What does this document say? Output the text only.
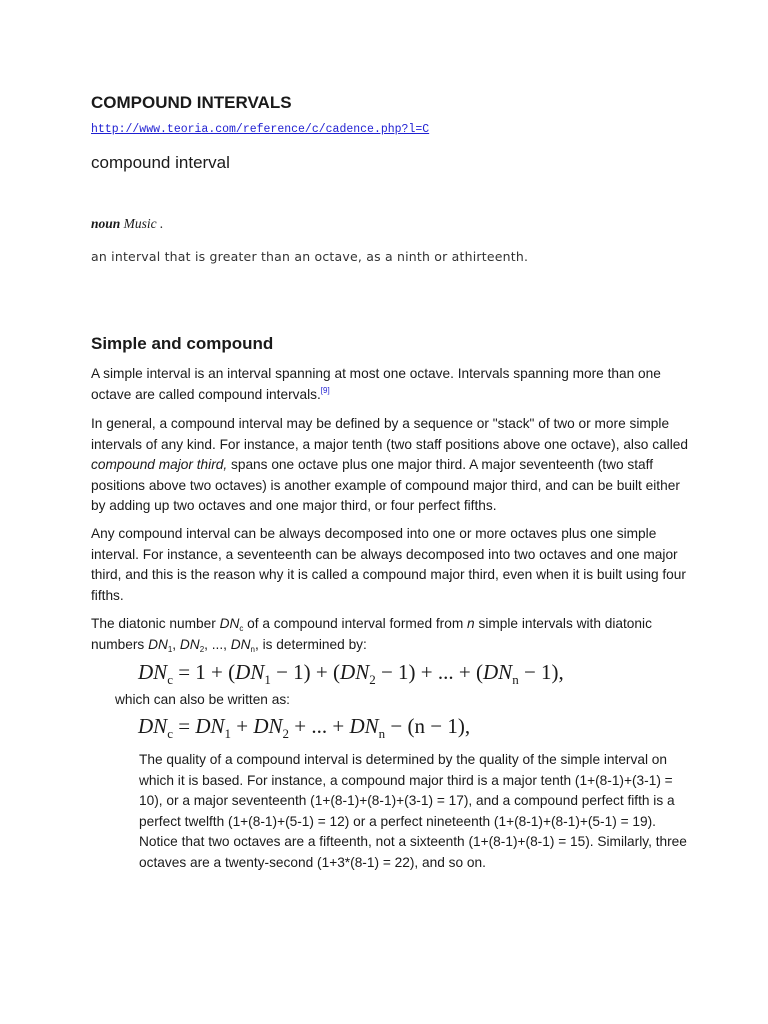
COMPOUND INTERVALS
http://www.teoria.com/reference/c/cadence.php?l=C
compound interval
noun Music .
an interval that is greater than an octave, as a ninth or athirteenth.
Simple and compound

A simple interval is an interval spanning at most one octave. Intervals spanning more than one octave are called compound intervals.[9]

In general, a compound interval may be defined by a sequence or "stack" of two or more simple intervals of any kind. For instance, a major tenth (two staff positions above one octave), also called compound major third, spans one octave plus one major third. A major seventeenth (two staff positions above two octaves) is another example of compound major third, and can be built either by adding up two octaves and one major third, or four perfect fifths.

Any compound interval can be always decomposed into one or more octaves plus one simple interval. For instance, a seventeenth can be always decomposed into two octaves and one major third, and this is the reason why it is called a compound major third, even when it is built using four fifths.

The diatonic number $DN_c$ of a compound interval formed from n simple intervals with diatonic numbers $DN_1$, $DN_2$, ..., $DN_n$, is determined by:

$DN_c = 1 + (DN_1 - 1) + (DN_2 - 1)$ + ... + $(DN_n - 1)$,
which can also be written as:
$DN_c = DN_1 + DN_2$ + ... + $DN_n - (n - 1)$,

The quality of a compound interval is determined by the quality of the simple interval on which it is based. For instance, a compound major third is a major tenth (1+(8-1)+(3-1) = 10), or a major seventeenth (1+(8-1)+(8-1)+(3-1) = 17), and a compound perfect fifth is a perfect twelfth (1+(8-1)+(5-1) = 12) or a perfect nineteenth (1+(8-1)+(8-1)+(5-1) = 19). Notice that two octaves are a fifteenth, not a sixteenth (1+(8-1)+(8-1) = 15). Similarly, three octaves are a twenty-second (1+3*(8-1) = 22), and so on.
